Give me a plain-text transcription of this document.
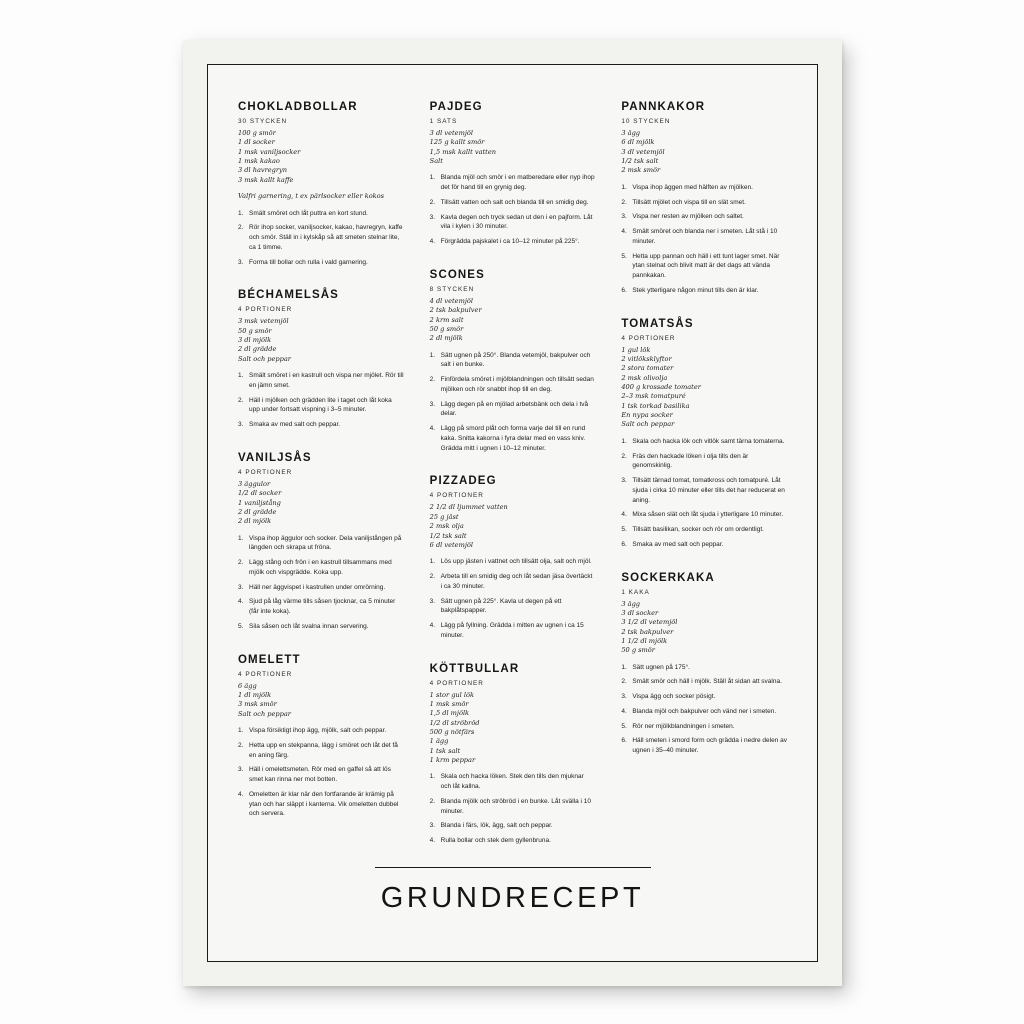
CHOKLADBOLLAR

30 STYCKEN

100 g smör
1 dl socker
1 msk vaniljsocker
1 msk kakao
3 dl havregryn
3 msk kallt kaffe

Valfri garnering, t ex pärlsocker eller kokos

Smält smöret och låt puttra en kort stund.
Rör ihop socker, vaniljsocker, kakao, havregryn, kaffe och smör. Ställ in i kylskåp så att smeten stelnar lite, ca 1 timme.
Forma till bollar och rulla i vald garnering.
BÉCHAMELSÅS

4 PORTIONER

3 msk vetemjöl
50 g smör
3 dl mjölk
2 dl grädde
Salt och peppar
Smält smöret i en kastrull och vispa ner mjölet. Rör till en jämn smet.
Häll i mjölken och grädden lite i taget och låt koka upp under fortsatt vispning i 3–5 minuter.
Smaka av med salt och peppar.
VANILJSÅS

4 PORTIONER

3 äggulor
1/2 dl socker
1 vaniljstång
2 dl grädde
2 dl mjölk
Vispa ihop äggulor och socker. Dela vaniljstången på längden och skrapa ut fröna.
Lägg stång och frön i en kastrull tillsammans med mjölk och vispgrädde. Koka upp.
Häll ner äggvispet i kastrullen under omrörning.
Sjud på låg värme tills såsen tjocknar, ca 5 minuter (får inte koka).
Sila såsen och låt svalna innan servering.
OMELETT

4 PORTIONER

6 ägg
1 dl mjölk
3 msk smör
Salt och peppar
Vispa försiktigt ihop ägg, mjölk, salt och peppar.
Hetta upp en stekpanna, lägg i smöret och låt det få en aning färg.
Häll i omelettsmeten. Rör med en gaffel så att lös smet kan rinna ner mot botten.
Omeletten är klar när den fortfarande är krämig på ytan och har släppt i kanterna. Vik omeletten dubbel och servera.
PAJDEG

1 SATS

3 dl vetemjöl
125 g kallt smör
1,5 msk kallt vatten
Salt
Blanda mjöl och smör i en matberedare eller nyp ihop det för hand till en grynig deg.
Tillsätt vatten och salt och blanda till en smidig deg.
Kavla degen och tryck sedan ut den i en pajform. Låt vila i kylen i 30 minuter.
Förgrädda pajskalet i ca 10–12 minuter på 225°.
SCONES

8 STYCKEN

4 dl vetemjöl
2 tsk bakpulver
2 krm salt
50 g smör
2 dl mjölk
Sätt ugnen på 250°. Blanda vetemjöl, bakpulver och salt i en bunke.
Finfördela smöret i mjölblandningen och tillsätt sedan mjölken och rör snabbt ihop till en deg.
Lägg degen på en mjölad arbetsbänk och dela i två delar.
Lägg på smord plåt och forma varje del till en rund kaka. Snitta kakorna i fyra delar med en vass kniv. Grädda mitt i ugnen i 10–12 minuter.
PIZZADEG

4 PORTIONER

2 1/2 dl ljummet vatten
25 g jäst
2 msk olja
1/2 tsk salt
6 dl vetemjöl
Lös upp jästen i vattnet och tillsätt olja, salt och mjöl.
Arbeta till en smidig deg och låt sedan jäsa övertäckt i ca 30 minuter.
Sätt ugnen på 225°. Kavla ut degen på ett bakplåtspapper.
Lägg på fyllning. Grädda i mitten av ugnen i ca 15 minuter.
KÖTTBULLAR

4 PORTIONER

1 stor gul lök
1 msk smör
1,5 dl mjölk
1/2 dl ströbröd
500 g nötfärs
1 ägg
1 tsk salt
1 krm peppar
Skala och hacka löken. Stek den tills den mjuknar och låt kallna.
Blanda mjölk och ströbröd i en bunke. Låt svälla i 10 minuter.
Blanda i färs, lök, ägg, salt och peppar.
Rulla bollar och stek dem gyllenbruna.
PANNKAKOR

10 STYCKEN

3 ägg
6 dl mjölk
3 dl vetemjöl
1/2 tsk salt
2 msk smör
Vispa ihop äggen med hälften av mjölken.
Tillsätt mjölet och vispa till en slät smet.
Vispa ner resten av mjölken och saltet.
Smält smöret och blanda ner i smeten. Låt stå i 10 minuter.
Hetta upp pannan och häll i ett tunt lager smet. När ytan stelnat och blivit matt är det dags att vända pannkakan.
Stek ytterligare någon minut tills den är klar.
TOMATSÅS

4 PORTIONER

1 gul lök
2 vitlöksklyftor
2 stora tomater
2 msk olivolja
400 g krossade tomater
2–3 msk tomatpuré
1 tsk torkad basilika
En nypa socker
Salt och peppar
Skala och hacka lök och vitlök samt tärna tomaterna.
Fräs den hackade löken i olja tills den är genomskinlig.
Tillsätt tärnad tomat, tomatkross och tomatpuré. Låt sjuda i cirka 10 minuter eller tills det har reducerat en aning.
Mixa såsen slät och låt sjuda i ytterligare 10 minuter.
Tillsätt basilikan, socker och rör om ordentligt.
Smaka av med salt och peppar.
SOCKERKAKA

1 KAKA

3 ägg
3 dl socker
3 1/2 dl vetemjöl
2 tsk bakpulver
1 1/2 dl mjölk
50 g smör
Sätt ugnen på 175°.
Smält smör och häll i mjölk. Ställ åt sidan att svalna.
Vispa ägg och socker pösigt.
Blanda mjöl och bakpulver och vänd ner i smeten.
Rör ner mjölkblandningen i smeten.
Häll smeten i smord form och grädda i nedre delen av ugnen i 35–40 minuter.
GRUNDRECEPT
